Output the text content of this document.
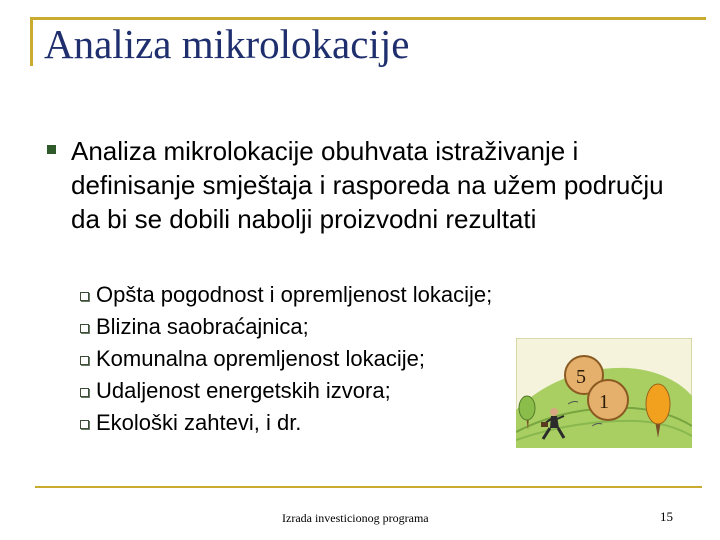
Analiza mikrolokacije
Analiza mikrolokacije obuhvata istraživanje i definisanje smještaja i rasporeda na užem području da bi se dobili nabolji proizvodni rezultati
Opšta pogodnost i opremljenost lokacije;
Blizina saobraćajnica;
Komunalna opremljenost lokacije;
Udaljenost energetskih izvora;
Ekološki zahtevi, i dr.
5
1
Izrada investicionog programa	15
